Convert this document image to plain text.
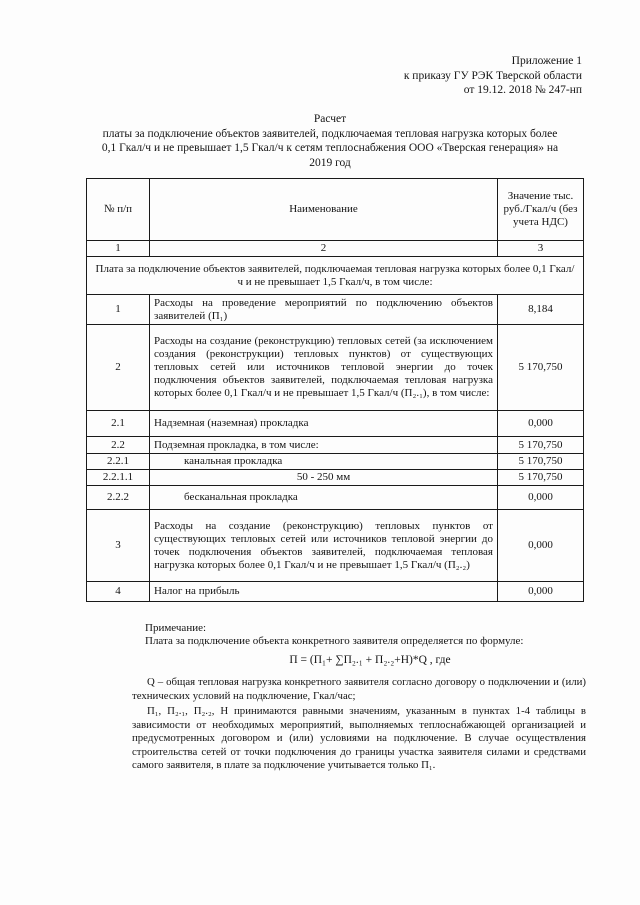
Приложение 1
к приказу ГУ РЭК Тверской области
от 19.12. 2018 № 247-нп
Расчет
платы за подключение объектов заявителей, подключаемая тепловая нагрузка которых более 0,1 Гкал/ч и не превышает 1,5 Гкал/ч к сетям теплоснабжения ООО «Тверская генерация» на 2019 год
№ п/п	Наименование	Значение тыс. руб./Гкал/ч (без учета НДС)
1	2	3
Плата за подключение объектов заявителей, подключаемая тепловая нагрузка которых более 0,1 Гкал/ч и не превышает 1,5 Гкал/ч, в том числе:		
1	Расходы на проведение мероприятий по подключению объектов заявителей (П₁)	8,184
2	Расходы на создание (реконструкцию) тепловых сетей (за исключением создания (реконструкции) тепловых пунктов) от существующих тепловых сетей или источников тепловой энергии до точек подключения объектов заявителей, подключаемая тепловая нагрузка которых более 0,1 Гкал/ч и не превышает 1,5 Гкал/ч (П₂.₁), в том числе:	5 170,750
2.1	Надземная (наземная) прокладка	0,000
2.2	Подземная прокладка, в том числе:	5 170,750
2.2.1	канальная прокладка	5 170,750
2.2.1.1	50 - 250 мм	5 170,750
2.2.2	бесканальная прокладка	0,000
3	Расходы на создание (реконструкцию) тепловых пунктов от существующих тепловых сетей или источников тепловой энергии до точек подключения объектов заявителей, подключаемая тепловая нагрузка которых более 0,1 Гкал/ч и не превышает 1,5 Гкал/ч (П₂.₂)	0,000
4	Налог на прибыль	0,000
Примечание:
Плата за подключение объекта конкретного заявителя определяется по формуле:
П = (П₁+ ∑П₂.₁ + П₂.₂+Н)*Q , где
Q – общая тепловая нагрузка конкретного заявителя согласно договору о подключении и (или) технических условий на подключение, Гкал/час;
П₁, П₂.₁, П₂.₂, Н принимаются равными значениям, указанным в пунктах 1-4 таблицы в зависимости от необходимых мероприятий, выполняемых теплоснабжающей организацией и предусмотренных договором и (или) условиями на подключение. В случае осуществления строительства сетей от точки подключения до границы участка заявителя силами и средствами самого заявителя, в плате за подключение учитывается только П₁.
